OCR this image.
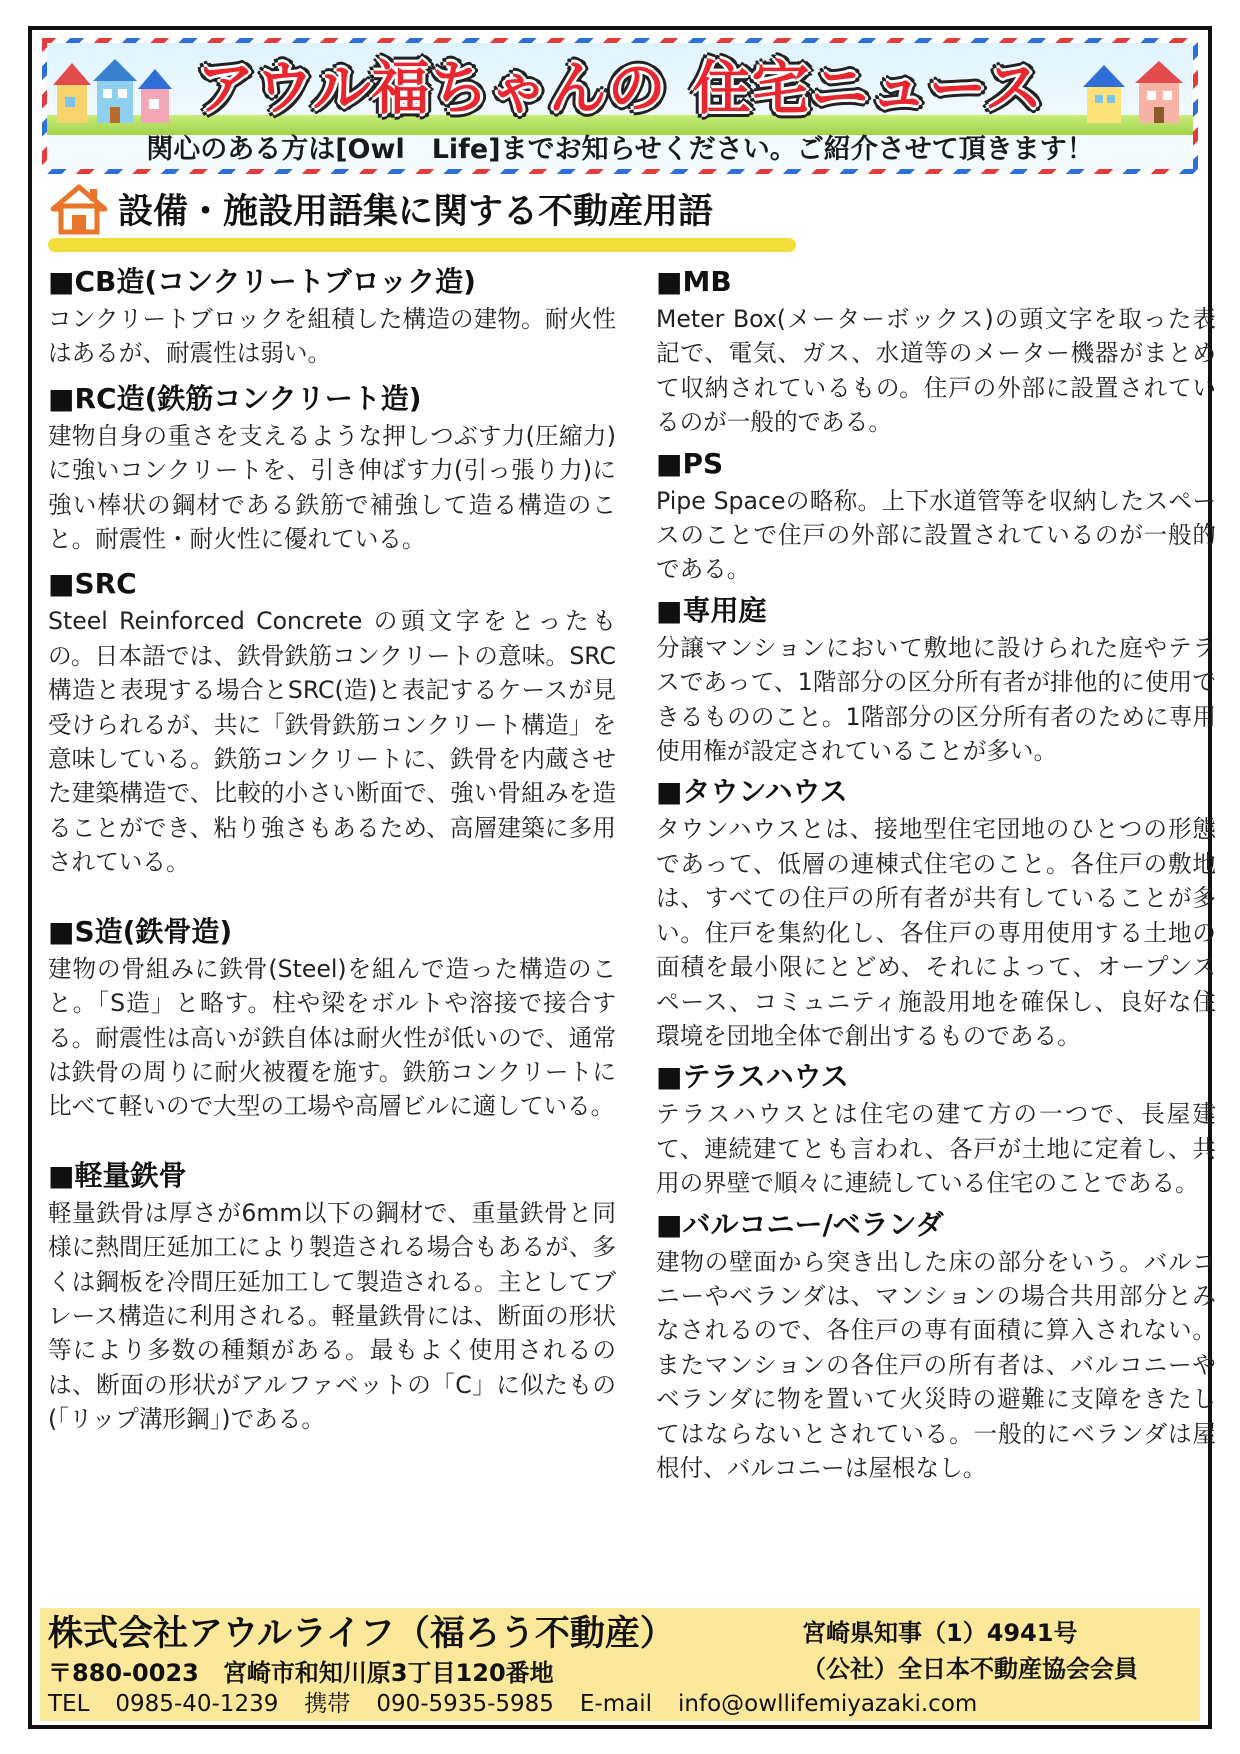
アウル福ちゃんの 住宅ニュース
関心のある方は[Owl　Life]までお知らせください。ご紹介させて頂きます！
設備・施設用語集に関する不動産用語
■CB造(コンクリートブロック造)

コンクリートブロックを組積した構造の建物。耐火性はあるが、耐震性は弱い。

■RC造(鉄筋コンクリート造)

建物自身の重さを支えるような押しつぶす力(圧縮力)に強いコンクリートを、引き伸ばす力(引っ張り力)に強い棒状の鋼材である鉄筋で補強して造る構造のこと。耐震性・耐火性に優れている。

■SRC

Steel Reinforced Concrete の頭文字をとったもの。日本語では、鉄骨鉄筋コンクリートの意味。SRC構造と表現する場合とSRC(造)と表記するケースが見受けられるが、共に「鉄骨鉄筋コンクリート構造」を意味している。鉄筋コンクリートに、鉄骨を内蔵させた建築構造で、比較的小さい断面で、強い骨組みを造ることができ、粘り強さもあるため、高層建築に多用されている。

■S造(鉄骨造)

建物の骨組みに鉄骨(Steel)を組んで造った構造のこと。「S造」と略す。柱や梁をボルトや溶接で接合する。耐震性は高いが鉄自体は耐火性が低いので、通常は鉄骨の周りに耐火被覆を施す。鉄筋コンクリートに比べて軽いので大型の工場や高層ビルに適している。

■軽量鉄骨

軽量鉄骨は厚さが6mm以下の鋼材で、重量鉄骨と同様に熱間圧延加工により製造される場合もあるが、多くは鋼板を冷間圧延加工して製造される。主としてブレース構造に利用される。軽量鉄骨には、断面の形状等により多数の種類がある。最もよく使用されるのは、断面の形状がアルファベットの「C」に似たもの(「リップ溝形鋼」)である。

■MB

Meter Box(メーターボックス)の頭文字を取った表記で、電気、ガス、水道等のメーター機器がまとめて収納されているもの。住戸の外部に設置されているのが一般的である。

■PS

Pipe Spaceの略称。上下水道管等を収納したスペースのことで住戸の外部に設置されているのが一般的である。

■専用庭

分譲マンションにおいて敷地に設けられた庭やテラスであって、1階部分の区分所有者が排他的に使用できるもののこと。1階部分の区分所有者のために専用使用権が設定されていることが多い。

■タウンハウス

タウンハウスとは、接地型住宅団地のひとつの形態であって、低層の連棟式住宅のこと。各住戸の敷地は、すべての住戸の所有者が共有していることが多い。住戸を集約化し、各住戸の専用使用する土地の面積を最小限にとどめ、それによって、オープンスペース、コミュニティ施設用地を確保し、良好な住環境を団地全体で創出するものである。

■テラスハウス

テラスハウスとは住宅の建て方の一つで、長屋建て、連続建てとも言われ、各戸が土地に定着し、共用の界壁で順々に連続している住宅のことである。

■バルコニー/ベランダ

建物の壁面から突き出した床の部分をいう。バルコニーやベランダは、マンションの場合共用部分とみなされるので、各住戸の専有面積に算入されない。またマンションの各住戸の所有者は、バルコニーやベランダに物を置いて火災時の避難に支障をきたしてはならないとされている。一般的にベランダは屋根付、バルコニーは屋根なし。

株式会社アウルライフ（福ろう不動産）	宮崎県知事（1）4941号
〒880-0023　宮崎市和知川原3丁目120番地	（公社）全日本不動産協会会員
TEL 0985-40-1239 携帯 090-5935-5985 E-mail info@owllifemiyazaki.com
